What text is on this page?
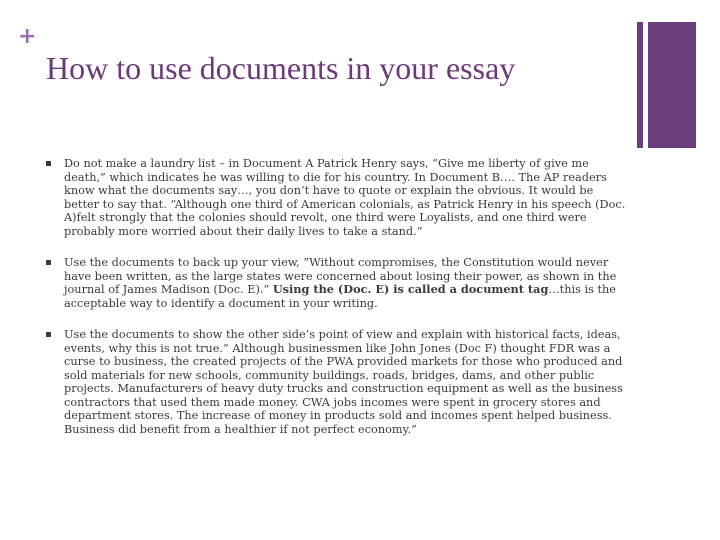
+
How to use documents in your essay
Do not make a laundry list – in Document A Patrick Henry says, “Give me liberty of give me death,” which indicates he was willing to die for his country. In Document B…. The AP readers know what the documents say…, you don’t have to quote or explain the obvious. It would be better to say that. “Although one third of American colonials, as Patrick Henry in his speech (Doc. A)felt strongly that the colonies should revolt, one third were Loyalists, and one third were probably more worried about their daily lives to take a stand.”
Use the documents to back up your view, ”Without compromises, the Constitution would never have been written, as the large states were concerned about losing their power, as shown in the journal of James Madison (Doc. E).” Using the (Doc. E) is called a document tag…this is the acceptable way to identify a document in your writing.
Use the documents to show the other side’s point of view and explain with historical facts, ideas, events, why this is not true.” Although businessmen like John Jones (Doc F) thought FDR was a curse to business, the created projects of the PWA provided markets for those who produced and sold materials for new schools, community buildings, roads, bridges, dams, and other public projects. Manufacturers of heavy duty trucks and construction equipment as well as the business contractors that used them made money. CWA jobs incomes were spent in grocery stores and department stores. The increase of money in products sold and incomes spent helped business. Business did benefit from a healthier if not perfect economy.”
